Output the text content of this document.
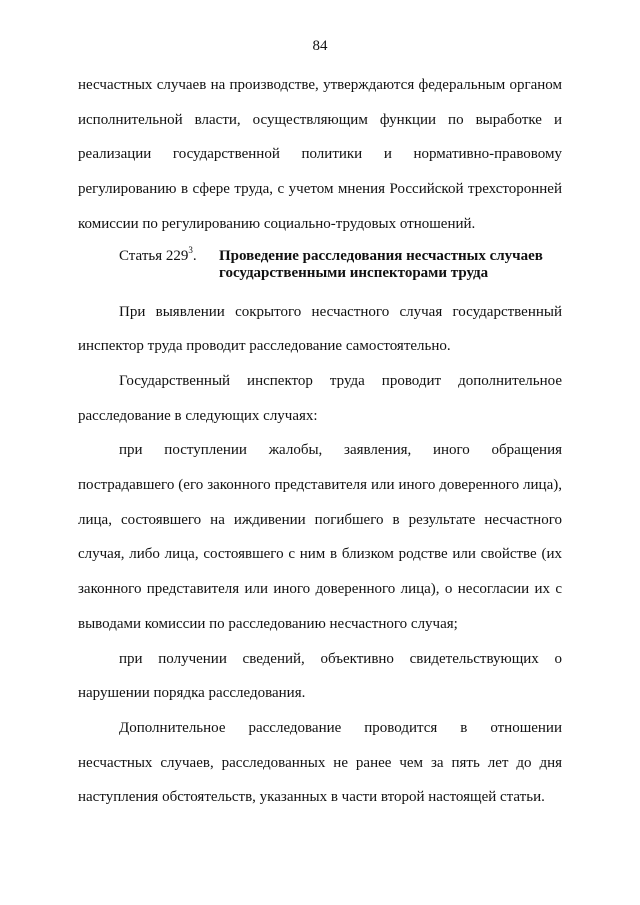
84

несчастных случаев на производстве, утверждаются федеральным органом исполнительной власти, осуществляющим функции по выработке и реализации государственной политики и нормативно-правовому регулированию в сфере труда, с учетом мнения Российской трехсторонней комиссии по регулированию социально-трудовых отношений.

Статья $229^3$.	Проведение расследования несчастных случаев
государственными инспекторами труда

При выявлении сокрытого несчастного случая государственный инспектор труда проводит расследование самостоятельно.

Государственный инспектор труда проводит дополнительное расследование в следующих случаях:

при поступлении жалобы, заявления, иного обращения пострадавшего (его законного представителя или иного доверенного лица), лица, состоявшего на иждивении погибшего в результате несчастного случая, либо лица, состоявшего с ним в близком родстве или свойстве (их законного представителя или иного доверенного лица), о несогласии их с выводами комиссии по расследованию несчастного случая;

при получении сведений, объективно свидетельствующих о нарушении порядка расследования.

Дополнительное расследование проводится в отношении несчастных случаев, расследованных не ранее чем за пять лет до дня наступления обстоятельств, указанных в части второй настоящей статьи.
